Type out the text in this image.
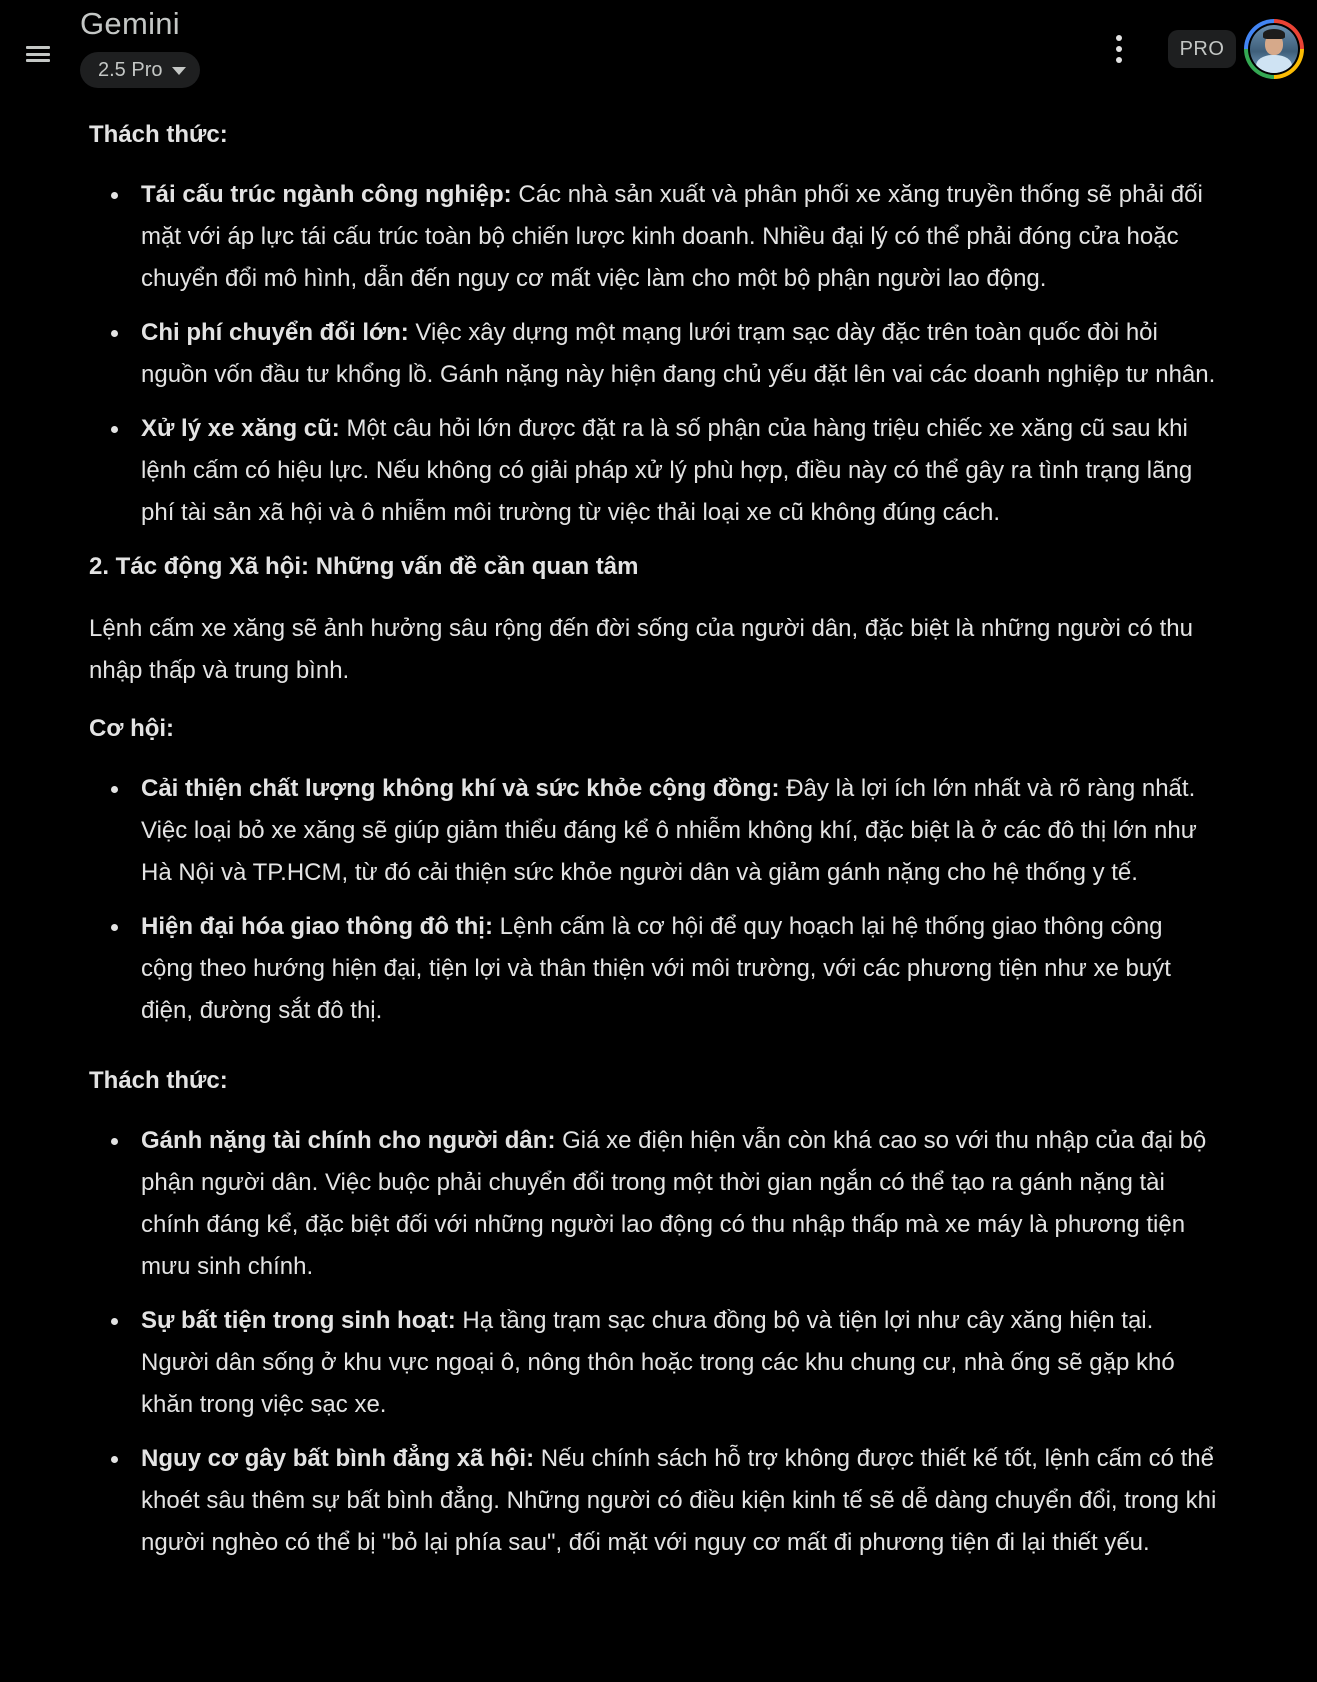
Gemini
2.5 Pro
PRO

Thách thức:

Tái cấu trúc ngành công nghiệp: Các nhà sản xuất và phân phối xe xăng truyền thống sẽ phải đối mặt với áp lực tái cấu trúc toàn bộ chiến lược kinh doanh. Nhiều đại lý có thể phải đóng cửa hoặc chuyển đổi mô hình, dẫn đến nguy cơ mất việc làm cho một bộ phận người lao động.
Chi phí chuyển đổi lớn: Việc xây dựng một mạng lưới trạm sạc dày đặc trên toàn quốc đòi hỏi nguồn vốn đầu tư khổng lồ. Gánh nặng này hiện đang chủ yếu đặt lên vai các doanh nghiệp tư nhân.
Xử lý xe xăng cũ: Một câu hỏi lớn được đặt ra là số phận của hàng triệu chiếc xe xăng cũ sau khi lệnh cấm có hiệu lực. Nếu không có giải pháp xử lý phù hợp, điều này có thể gây ra tình trạng lãng phí tài sản xã hội và ô nhiễm môi trường từ việc thải loại xe cũ không đúng cách.

2. Tác động Xã hội: Những vấn đề cần quan tâm

Lệnh cấm xe xăng sẽ ảnh hưởng sâu rộng đến đời sống của người dân, đặc biệt là những người có thu nhập thấp và trung bình.

Cơ hội:

Cải thiện chất lượng không khí và sức khỏe cộng đồng: Đây là lợi ích lớn nhất và rõ ràng nhất. Việc loại bỏ xe xăng sẽ giúp giảm thiểu đáng kể ô nhiễm không khí, đặc biệt là ở các đô thị lớn như Hà Nội và TP.HCM, từ đó cải thiện sức khỏe người dân và giảm gánh nặng cho hệ thống y tế.
Hiện đại hóa giao thông đô thị: Lệnh cấm là cơ hội để quy hoạch lại hệ thống giao thông công cộng theo hướng hiện đại, tiện lợi và thân thiện với môi trường, với các phương tiện như xe buýt điện, đường sắt đô thị.

Thách thức:

Gánh nặng tài chính cho người dân: Giá xe điện hiện vẫn còn khá cao so với thu nhập của đại bộ phận người dân. Việc buộc phải chuyển đổi trong một thời gian ngắn có thể tạo ra gánh nặng tài chính đáng kể, đặc biệt đối với những người lao động có thu nhập thấp mà xe máy là phương tiện mưu sinh chính.
Sự bất tiện trong sinh hoạt: Hạ tầng trạm sạc chưa đồng bộ và tiện lợi như cây xăng hiện tại. Người dân sống ở khu vực ngoại ô, nông thôn hoặc trong các khu chung cư, nhà ống sẽ gặp khó khăn trong việc sạc xe.
Nguy cơ gây bất bình đẳng xã hội: Nếu chính sách hỗ trợ không được thiết kế tốt, lệnh cấm có thể khoét sâu thêm sự bất bình đẳng. Những người có điều kiện kinh tế sẽ dễ dàng chuyển đổi, trong khi người nghèo có thể bị "bỏ lại phía sau", đối mặt với nguy cơ mất đi phương tiện đi lại thiết yếu.
